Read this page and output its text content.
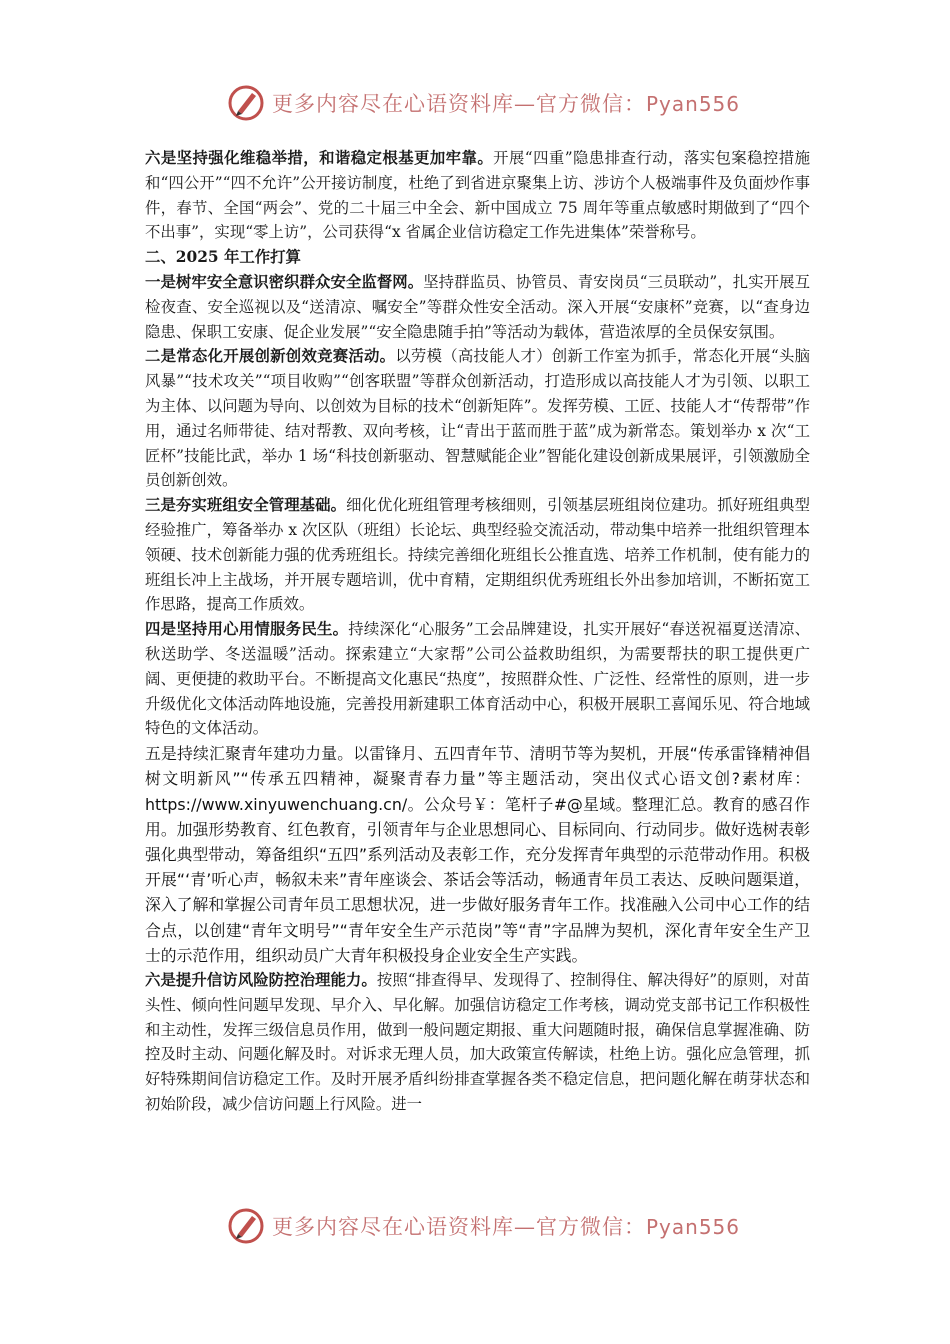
更多内容尽在心语资料库—官方微信：Pyan556

六是坚持强化维稳举措，和谐稳定根基更加牢靠。开展“四重”隐患排查行动，落实包案稳控措施和“四公开”“四不允许”公开接访制度，杜绝了到省进京聚集上访、涉访个人极端事件及负面炒作事件，春节、全国“两会”、党的二十届三中全会、新中国成立 75 周年等重点敏感时期做到了“四个不出事”，实现“零上访”，公司获得“x 省属企业信访稳定工作先进集体”荣誉称号。

二、2025 年工作打算

一是树牢安全意识密织群众安全监督网。坚持群监员、协管员、青安岗员“三员联动”，扎实开展互检夜查、安全巡视以及“送清凉、嘱安全”等群众性安全活动。深入开展“安康杯”竞赛，以“查身边隐患、保职工安康、促企业发展”“安全隐患随手拍”等活动为载体，营造浓厚的全员保安氛围。

二是常态化开展创新创效竞赛活动。以劳模（高技能人才）创新工作室为抓手，常态化开展“头脑风暴”“技术攻关”“项目收购”“创客联盟”等群众创新活动，打造形成以高技能人才为引领、以职工为主体、以问题为导向、以创效为目标的技术“创新矩阵”。发挥劳模、工匠、技能人才“传帮带”作用，通过名师带徒、结对帮教、双向考核，让“青出于蓝而胜于蓝”成为新常态。策划举办 x 次“工匠杯”技能比武，举办 1 场“科技创新驱动、智慧赋能企业”智能化建设创新成果展评，引领激励全员创新创效。

三是夯实班组安全管理基础。细化优化班组管理考核细则，引领基层班组岗位建功。抓好班组典型经验推广，筹备举办 x 次区队（班组）长论坛、典型经验交流活动，带动集中培养一批组织管理本领硬、技术创新能力强的优秀班组长。持续完善细化班组长公推直选、培养工作机制，使有能力的班组长冲上主战场，并开展专题培训，优中育精，定期组织优秀班组长外出参加培训，不断拓宽工作思路，提高工作质效。

四是坚持用心用情服务民生。持续深化“心服务”工会品牌建设，扎实开展好“春送祝福夏送清凉、秋送助学、冬送温暖”活动。探索建立“大家帮”公司公益救助组织，为需要帮扶的职工提供更广阔、更便捷的救助平台。不断提高文化惠民“热度”，按照群众性、广泛性、经常性的原则，进一步升级优化文体活动阵地设施，完善投用新建职工体育活动中心，积极开展职工喜闻乐见、符合地域特色的文体活动。

五是持续汇聚青年建功力量。以雷锋月、五四青年节、清明节等为契机，开展“传承雷锋精神倡树文明新风”“传承五四精神，凝聚青春力量”等主题活动，突出仪式心语文创?素材库：https://www.xinyuwenchuang.cn/。公众号￥：笔杆子#@星域。整理汇总。教育的感召作用。加强形势教育、红色教育，引领青年与企业思想同心、目标同向、行动同步。做好选树表彰强化典型带动，筹备组织“五四”系列活动及表彰工作，充分发挥青年典型的示范带动作用。积极开展“‘青’听心声，畅叙未来”青年座谈会、茶话会等活动，畅通青年员工表达、反映问题渠道，深入了解和掌握公司青年员工思想状况，进一步做好服务青年工作。找准融入公司中心工作的结合点，以创建“青年文明号”“青年安全生产示范岗”等“青”字品牌为契机，深化青年安全生产卫士的示范作用，组织动员广大青年积极投身企业安全生产实践。

六是提升信访风险防控治理能力。按照“排查得早、发现得了、控制得住、解决得好”的原则，对苗头性、倾向性问题早发现、早介入、早化解。加强信访稳定工作考核，调动党支部书记工作积极性和主动性，发挥三级信息员作用，做到一般问题定期报、重大问题随时报，确保信息掌握准确、防控及时主动、问题化解及时。对诉求无理人员，加大政策宣传解读，杜绝上访。强化应急管理，抓好特殊期间信访稳定工作。及时开展矛盾纠纷排查掌握各类不稳定信息，把问题化解在萌芽状态和初始阶段，减少信访问题上行风险。进一

更多内容尽在心语资料库—官方微信：Pyan556
